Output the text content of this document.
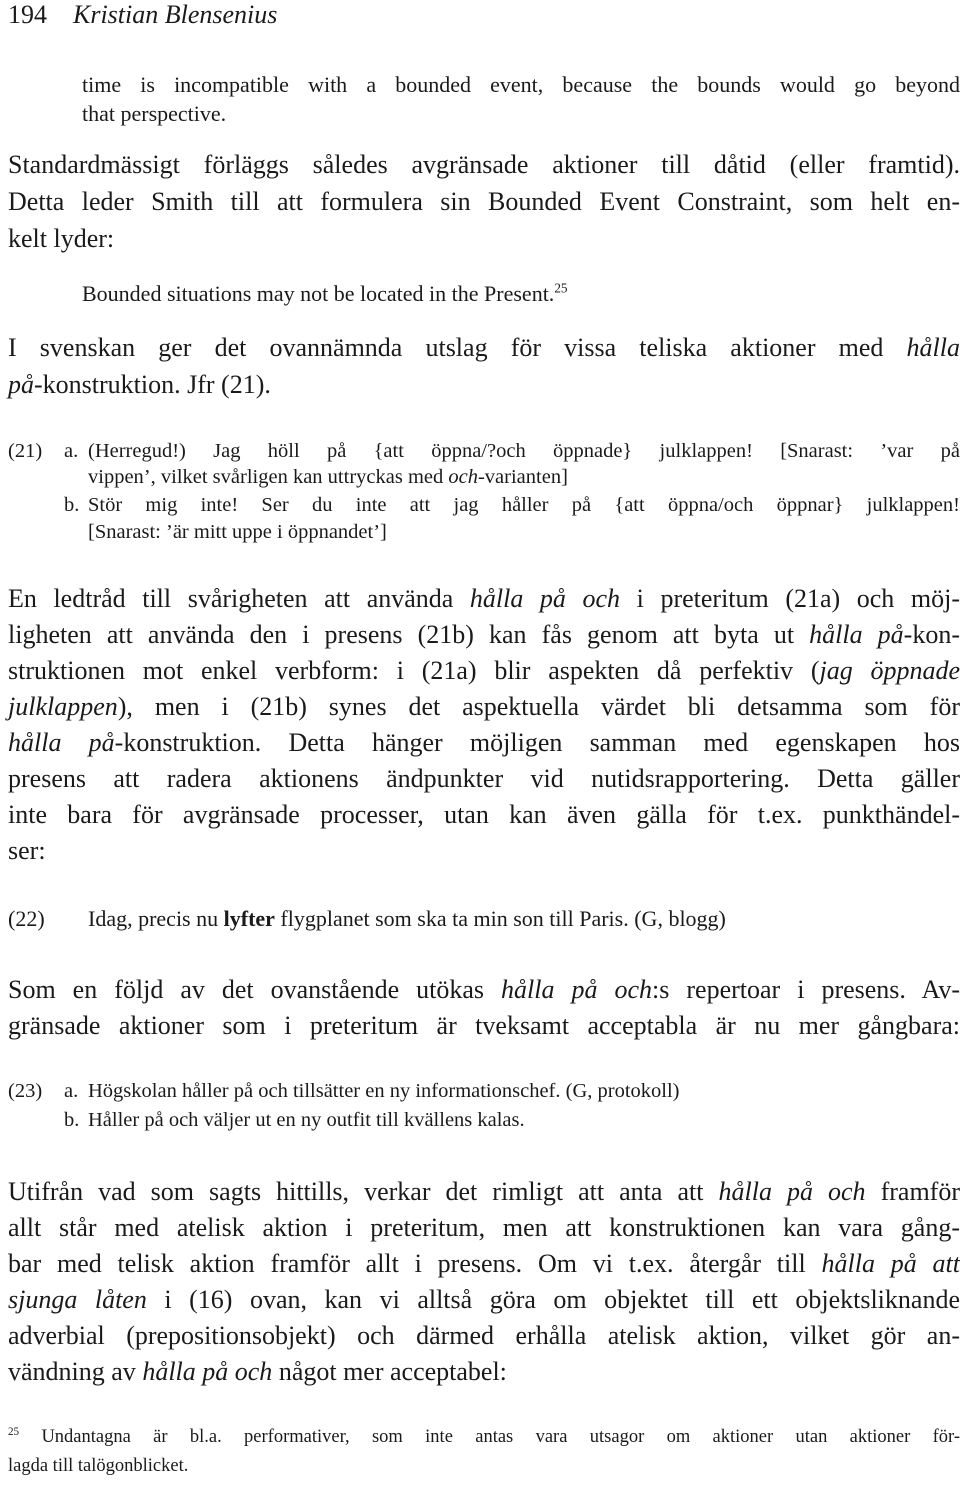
194 Kristian Blensenius
time is incompatible with a bounded event, because the bounds would go beyond
that perspective.
Standardmässigt förläggs således avgränsade aktioner till dåtid (eller framtid).
Detta leder Smith till att formulera sin Bounded Event Constraint, som helt en-
kelt lyder:
Bounded situations may not be located in the Present.$^{25}$
I svenskan ger det ovannämnda utslag för vissa teliska aktioner med hålla
på-konstruktion. Jfr (21).
(21) a. (Herregud!) Jag höll på {att öppna/?och öppnade} julklappen! [Snarast: ’var på
vippen’, vilket svårligen kan uttryckas med och-varianten]
b. Stör mig inte! Ser du inte att jag håller på {att öppna/och öppnar} julklappen!
[Snarast: ’är mitt uppe i öppnandet’]
En ledtråd till svårigheten att använda hålla på och i preteritum (21a) och möj-
ligheten att använda den i presens (21b) kan fås genom att byta ut hålla på-kon-
struktionen mot enkel verbform: i (21a) blir aspekten då perfektiv (jag öppnade
julklappen), men i (21b) synes det aspektuella värdet bli detsamma som för
hålla på-konstruktion. Detta hänger möjligen samman med egenskapen hos
presens att radera aktionens ändpunkter vid nutidsrapportering. Detta gäller
inte bara för avgränsade processer, utan kan även gälla för t.ex. punkthändel-
ser:
(22) Idag, precis nu lyfter flygplanet som ska ta min son till Paris. (G, blogg)
Som en följd av det ovanstående utökas hålla på och:s repertoar i presens. Av-
gränsade aktioner som i preteritum är tveksamt acceptabla är nu mer gångbara:
(23) a. Högskolan håller på och tillsätter en ny informationschef. (G, protokoll)
b. Håller på och väljer ut en ny outfit till kvällens kalas.
Utifrån vad som sagts hittills, verkar det rimligt att anta att hålla på och framför
allt står med atelisk aktion i preteritum, men att konstruktionen kan vara gång-
bar med telisk aktion framför allt i presens. Om vi t.ex. återgår till hålla på att
sjunga låten i (16) ovan, kan vi alltså göra om objektet till ett objektsliknande
adverbial (prepositionsobjekt) och därmed erhålla atelisk aktion, vilket gör an-
vändning av hålla på och något mer acceptabel:
$^{25}$ Undantagna är bl.a. performativer, som inte antas vara utsagor om aktioner utan aktioner för-
lagda till talögonblicket.
